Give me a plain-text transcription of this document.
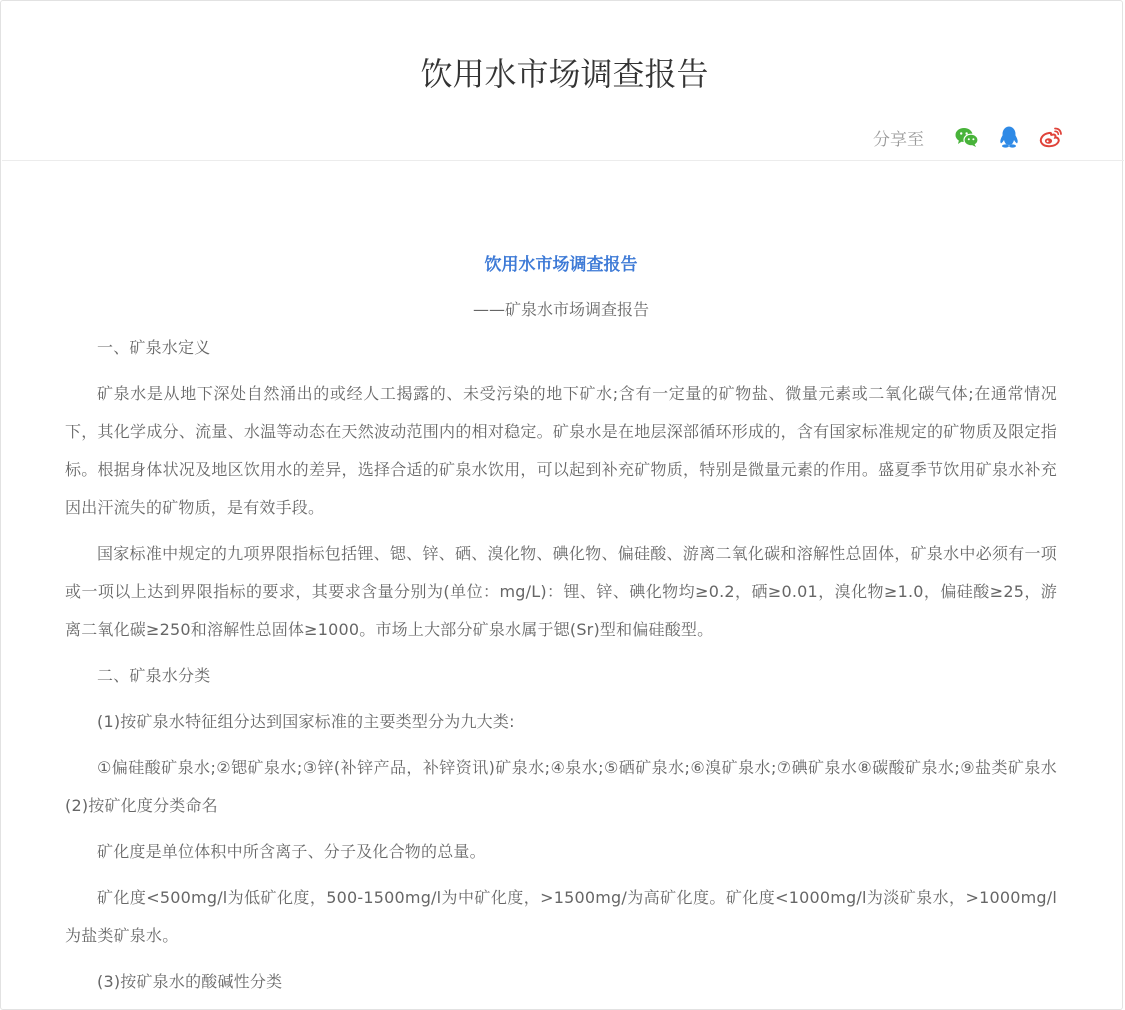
饮用水市场调查报告
分享至

饮用水市场调查报告

——矿泉水市场调查报告

一、矿泉水定义

矿泉水是从地下深处自然涌出的或经人工揭露的、未受污染的地下矿水;含有一定量的矿物盐、微量元素或二氧化碳气体;在通常情况下，其化学成分、流量、水温等动态在天然波动范围内的相对稳定。矿泉水是在地层深部循环形成的，含有国家标准规定的矿物质及限定指标。根据身体状况及地区饮用水的差异，选择合适的矿泉水饮用，可以起到补充矿物质，特别是微量元素的作用。盛夏季节饮用矿泉水补充因出汗流失的矿物质，是有效手段。

国家标准中规定的九项界限指标包括锂、锶、锌、硒、溴化物、碘化物、偏硅酸、游离二氧化碳和溶解性总固体，矿泉水中必须有一项或一项以上达到界限指标的要求，其要求含量分别为(单位：mg/L)：锂、锌、碘化物均≥0.2，硒≥0.01，溴化物≥1.0，偏硅酸≥25，游离二氧化碳≥250和溶解性总固体≥1000。市场上大部分矿泉水属于锶(Sr)型和偏硅酸型。

二、矿泉水分类

(1)按矿泉水特征组分达到国家标准的主要类型分为九大类:

①偏硅酸矿泉水;②锶矿泉水;③锌(补锌产品，补锌资讯)矿泉水;④泉水;⑤硒矿泉水;⑥溴矿泉水;⑦碘矿泉水⑧碳酸矿泉水;⑨盐类矿泉水 (2)按矿化度分类命名

矿化度是单位体积中所含离子、分子及化合物的总量。

矿化度<500mg/l为低矿化度，500-1500mg/l为中矿化度，>1500mg/为高矿化度。矿化度<1000mg/l为淡矿泉水，>1000mg/l为盐类矿泉水。

(3)按矿泉水的酸碱性分类
